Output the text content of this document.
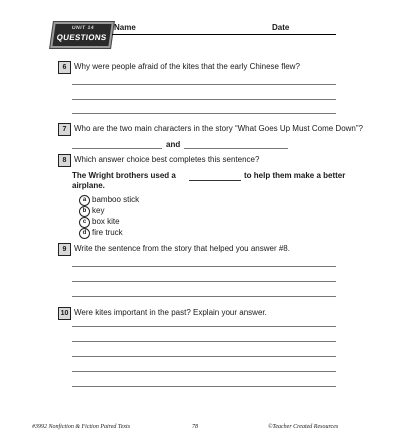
UNIT 14
QUESTIONS
Name	Date
6 Why were people afraid of the kites that the early Chinese flew?
7 Who are the two main characters in the story “What Goes Up Must Come Down”?
and
8 Which answer choice best completes this sentence?
The Wright brothers used a	to help them make a better
airplane.
a bamboo stick
b key
c box kite
d fire truck
9 Write the sentence from the story that helped you answer #8.
10 Were kites important in the past? Explain your answer.
#3992 Nonfiction & Fiction Paired Texts	78	©Teacher Created Resources
